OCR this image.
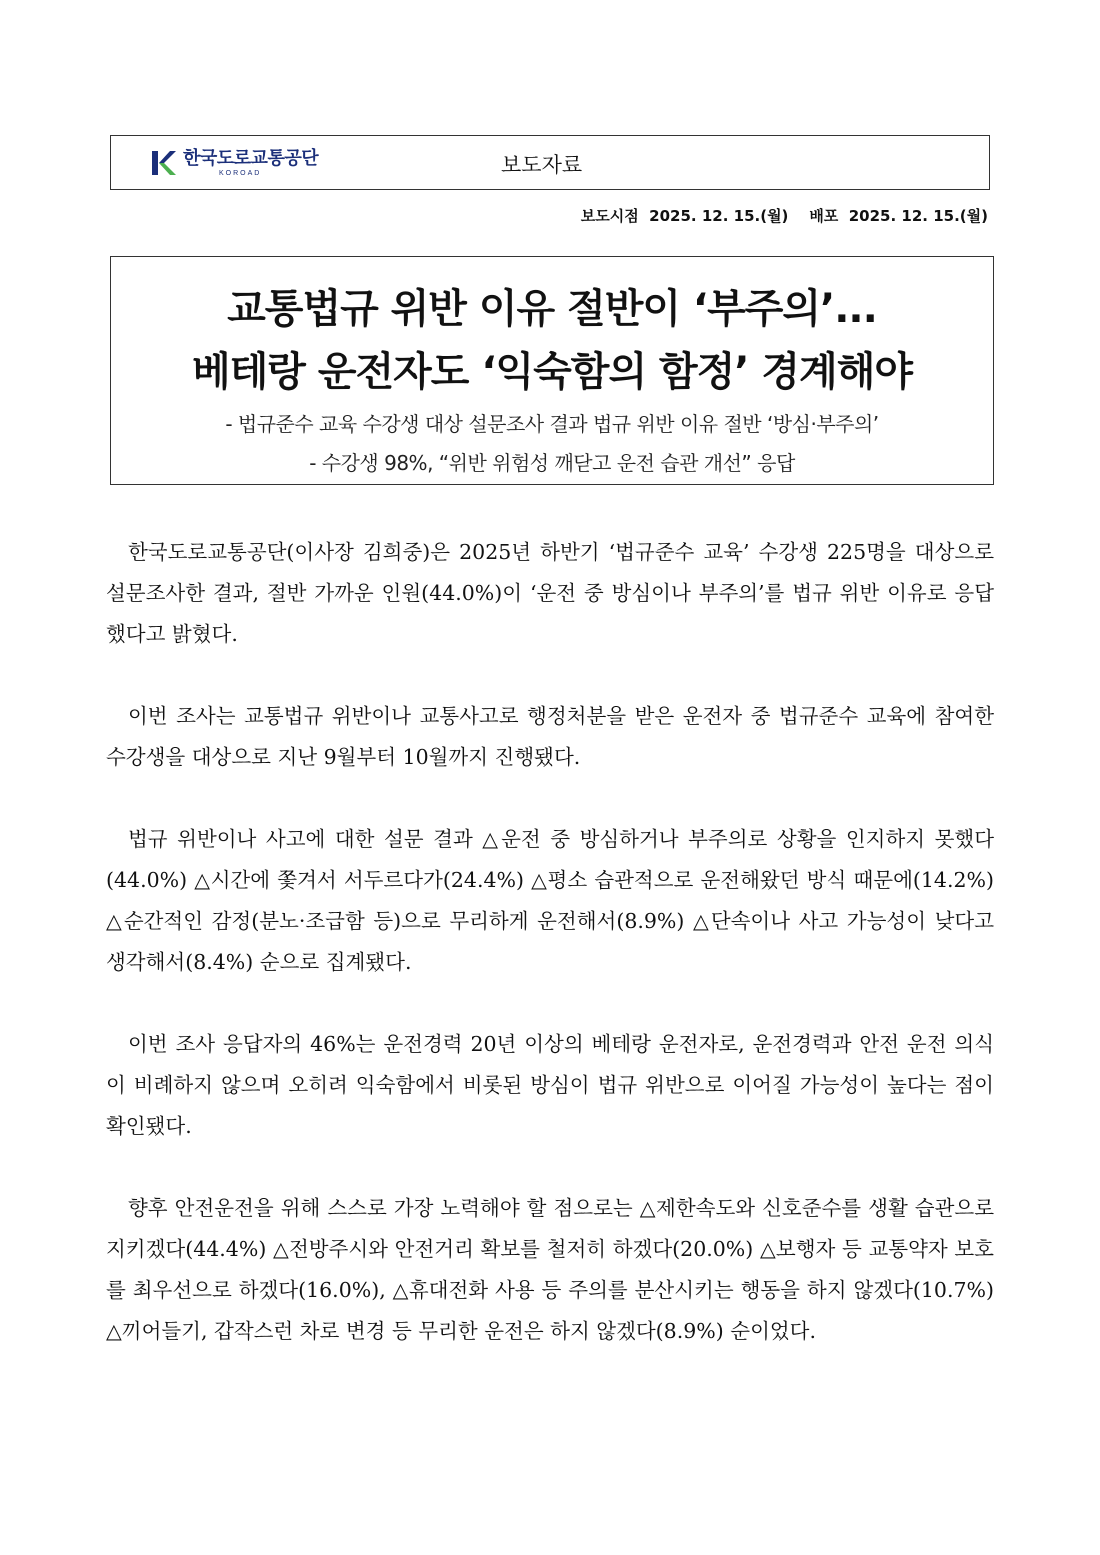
한국도로교통공단
KOROAD	보도자료
보도시점 2025. 12. 15.(월) 배포 2025. 12. 15.(월)
교통법규 위반 이유 절반이 ‘부주의’...
베테랑 운전자도 ‘익숙함의 함정’ 경계해야
- 법규준수 교육 수강생 대상 설문조사 결과 법규 위반 이유 절반 ‘방심·부주의’
- 수강생 98%, “위반 위험성 깨닫고 운전 습관 개선” 응답

한국도로교통공단(이사장 김희중)은 2025년 하반기 ‘법규준수 교육’ 수강생 225명을 대상으로 설문조사한 결과, 절반 가까운 인원(44.0%)이 ‘운전 중 방심이나 부주의’를 법규 위반 이유로 응답했다고 밝혔다.

이번 조사는 교통법규 위반이나 교통사고로 행정처분을 받은 운전자 중 법규준수 교육에 참여한 수강생을 대상으로 지난 9월부터 10월까지 진행됐다.

법규 위반이나 사고에 대한 설문 결과 △운전 중 방심하거나 부주의로 상황을 인지하지 못했다(44.0%) △시간에 쫓겨서 서두르다가(24.4%) △평소 습관적으로 운전해왔던 방식 때문에(14.2%) △순간적인 감정(분노·조급함 등)으로 무리하게 운전해서(8.9%) △단속이나 사고 가능성이 낮다고 생각해서(8.4%) 순으로 집계됐다.

이번 조사 응답자의 46%는 운전경력 20년 이상의 베테랑 운전자로, 운전경력과 안전 운전 의식이 비례하지 않으며 오히려 익숙함에서 비롯된 방심이 법규 위반으로 이어질 가능성이 높다는 점이 확인됐다.

향후 안전운전을 위해 스스로 가장 노력해야 할 점으로는 △제한속도와 신호준수를 생활 습관으로 지키겠다(44.4%) △전방주시와 안전거리 확보를 철저히 하겠다(20.0%) △보행자 등 교통약자 보호를 최우선으로 하겠다(16.0%), △휴대전화 사용 등 주의를 분산시키는 행동을 하지 않겠다(10.7%) △끼어들기, 갑작스런 차로 변경 등 무리한 운전은 하지 않겠다(8.9%) 순이었다.
